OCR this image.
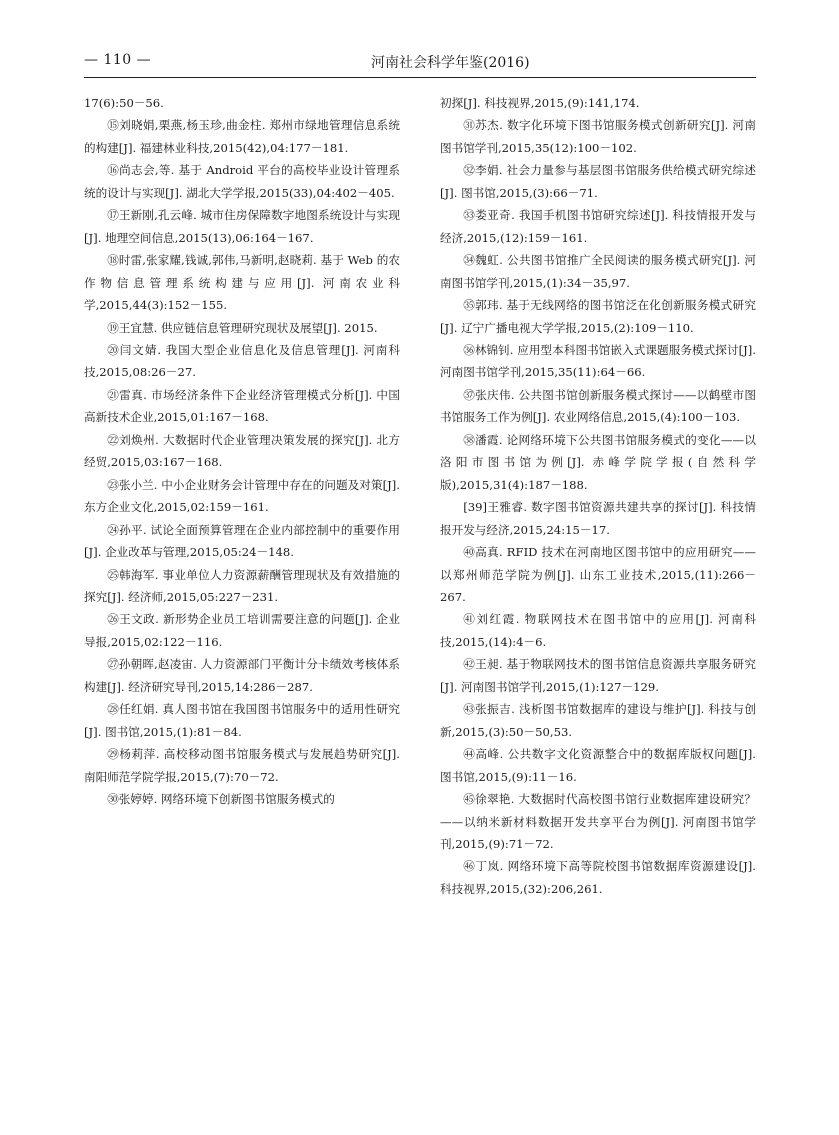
— 110 —	河南社会科学年鉴(2016)

17(6):50－56.

⑮刘晓娟,栗燕,杨玉珍,曲金柱. 郑州市绿地管理信息系统的构建[J]. 福建林业科技,2015(42),04:177－181.

⑯尚志会,等. 基于 Android 平台的高校毕业设计管理系统的设计与实现[J]. 湖北大学学报,2015(33),04:402－405.

⑰王新刚,孔云峰. 城市住房保障数字地图系统设计与实现[J]. 地理空间信息,2015(13),06:164－167.

⑱时雷,张家耀,钱诚,郭伟,马新明,赵晓莉. 基于 Web 的农作物信息管理系统构建与应用[J]. 河南农业科学,2015,44(3):152－155.

⑲王宜慧. 供应链信息管理研究现状及展望[J]. 2015.

⑳闫文婧. 我国大型企业信息化及信息管理[J]. 河南科技,2015,08:26－27.

㉑雷真. 市场经济条件下企业经济管理模式分析[J]. 中国高新技术企业,2015,01:167－168.

㉒刘焕州. 大数据时代企业管理决策发展的探究[J]. 北方经贸,2015,03:167－168.

㉓张小兰. 中小企业财务会计管理中存在的问题及对策[J]. 东方企业文化,2015,02:159－161.

㉔孙平. 试论全面预算管理在企业内部控制中的重要作用[J]. 企业改革与管理,2015,05:24－148.

㉕韩海军. 事业单位人力资源薪酬管理现状及有效措施的探究[J]. 经济师,2015,05:227－231.

㉖王文政. 新形势企业员工培训需要注意的问题[J]. 企业导报,2015,02:122－116.

㉗孙朝晖,赵凌宙. 人力资源部门平衡计分卡绩效考核体系构建[J]. 经济研究导刊,2015,14:286－287.

㉘任红娟. 真人图书馆在我国图书馆服务中的适用性研究[J]. 图书馆,2015,(1):81－84.

㉙杨莉萍. 高校移动图书馆服务模式与发展趋势研究[J]. 南阳师范学院学报,2015,(7):70－72.

㉚张婷婷. 网络环境下创新图书馆服务模式的

初探[J]. 科技视界,2015,(9):141,174.

㉛苏杰. 数字化环境下图书馆服务模式创新研究[J]. 河南图书馆学刊,2015,35(12):100－102.

㉜李娟. 社会力量参与基层图书馆服务供给模式研究综述[J]. 图书馆,2015,(3):66－71.

㉝娄亚奇. 我国手机图书馆研究综述[J]. 科技情报开发与经济,2015,(12):159－161.

㉞魏虹. 公共图书馆推广全民阅读的服务模式研究[J]. 河南图书馆学刊,2015,(1):34－35,97.

㉟郭玮. 基于无线网络的图书馆泛在化创新服务模式研究[J]. 辽宁广播电视大学学报,2015,(2):109－110.

㊱林锦钊. 应用型本科图书馆嵌入式课题服务模式探讨[J]. 河南图书馆学刊,2015,35(11):64－66.

㊲张庆伟. 公共图书馆创新服务模式探讨——以鹤壁市图书馆服务工作为例[J]. 农业网络信息,2015,(4):100－103.

㊳潘霞. 论网络环境下公共图书馆服务模式的变化——以洛阳市图书馆为例[J]. 赤峰学院学报(自然科学版),2015,31(4):187－188.

[39]王雅睿. 数字图书馆资源共建共享的探讨[J]. 科技情报开发与经济,2015,24:15－17.

㊵高真. RFID 技术在河南地区图书馆中的应用研究——以郑州师范学院为例[J]. 山东工业技术,2015,(11):266－267.

㊶刘红霞. 物联网技术在图书馆中的应用[J]. 河南科技,2015,(14):4－6.

㊷王昶. 基于物联网技术的图书馆信息资源共享服务研究[J]. 河南图书馆学刊,2015,(1):127－129.

㊸张振吉. 浅析图书馆数据库的建设与维护[J]. 科技与创新,2015,(3):50－50,53.

㊹高峰. 公共数字文化资源整合中的数据库版权问题[J]. 图书馆,2015,(9):11－16.

㊺徐翠艳. 大数据时代高校图书馆行业数据库建设研究？——以纳米新材料数据开发共享平台为例[J]. 河南图书馆学刊,2015,(9):71－72.

㊻丁岚. 网络环境下高等院校图书馆数据库资源建设[J]. 科技视界,2015,(32):206,261.
